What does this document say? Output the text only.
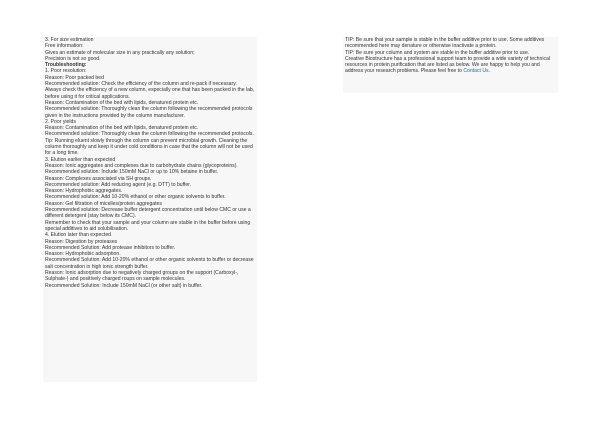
3. For size estimation
Free information:
Gives an estimate of molecular size in any practically any solution;
Precision is not so good.
Troubleshooting:
1. Poor resolution:
Reason: Poor packed bed
Recommended solution: Check the efficiency of the column and re-pack if necessary.
Always check the efficiency of a new column, especially one that has been packed in the lab, before using it for critical applications.
Reason: Contamination of the bed with lipids, denatured protein etc.
Recommended solution: Thoroughly clean the column following the recommended protocols given in the instructions provided by the column manufacturer.
2. Poor yields
Reason: Contamination of the bed with lipids, denatured protein etc.
Recommended solution: Thoroughly clean the column following the recommended protocols.
Tip: Running eluent slowly through the column can prevent microbial growth. Cleaning the column thoroughly and keep it under cold conditions in case that the column will not be used for a long time.
3. Elution earlier than expected
Reason: Ionic aggregates and complexes due to carbohydrate chains (glycoproteins).
Recommended solution: Include 150mM NaCl or up to 10% betaine in buffer.
Reason: Complexes associated via SH groups.
Recommended solution: Add reducing agent (e.g. DTT) to buffer.
Reason: Hydrophobic aggregates.
Recommended solution: Add 10-20% ethanol or other organic solvents to buffer.
Reason: Gel filtration of micelles/protein aggregates
Recommended solution: Decrease buffer detergent concentration until below CMC or use a different detergent (stay below its CMC).
Remember to check that your sample and your column are stable in the buffer before using special additives to aid solubilisation.
4. Elution later than expected
Reason: Digestion by proteases
Recommended Solution: Add protease inhibitors to buffer.
Reason: Hydrophobic adsorption.
Recommended Solution: Add 10-20% ethanol or other organic solvents to buffer or decrease salt concentration in high ionic strength buffer.
Reason: Ionic adsorption due to negatively charged groups on the support (Carboxyl-, Sulphate-) and positively charged roups on sample molecules.
Recommended Solution: Include 150mM NaCl (or other salt) in buffer.
TIP: Be sure that your sample is stable in the buffer additive prior to use. Some additives recommended here may denature or otherwise inactivate a protein.
TIP: Be sure your column and system are stable in the buffer additive prior to use.
Creative Biostructure has a professional support team to provide a wide variety of technical resources in protein purification that are listed as below. We are happy to help you and address your research problems. Please feel free to Contact Us.
